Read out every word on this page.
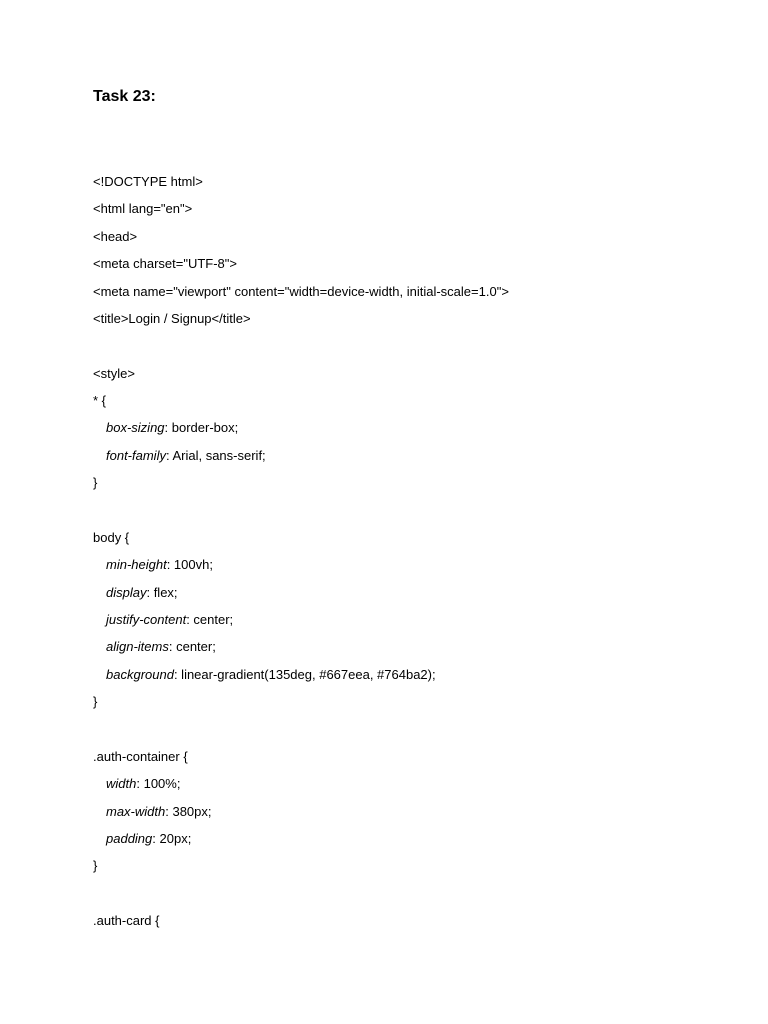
Task 23:
<!DOCTYPE html>
<html lang="en">
<head>
<meta charset="UTF-8">
<meta name="viewport" content="width=device-width, initial-scale=1.0">
<title>Login / Signup</title>
<style>
* {
box-sizing: border-box;
font-family: Arial, sans-serif;
}
body {
min-height: 100vh;
display: flex;
justify-content: center;
align-items: center;
background: linear-gradient(135deg, #667eea, #764ba2);
}
.auth-container {
width: 100%;
max-width: 380px;
padding: 20px;
}
.auth-card {
